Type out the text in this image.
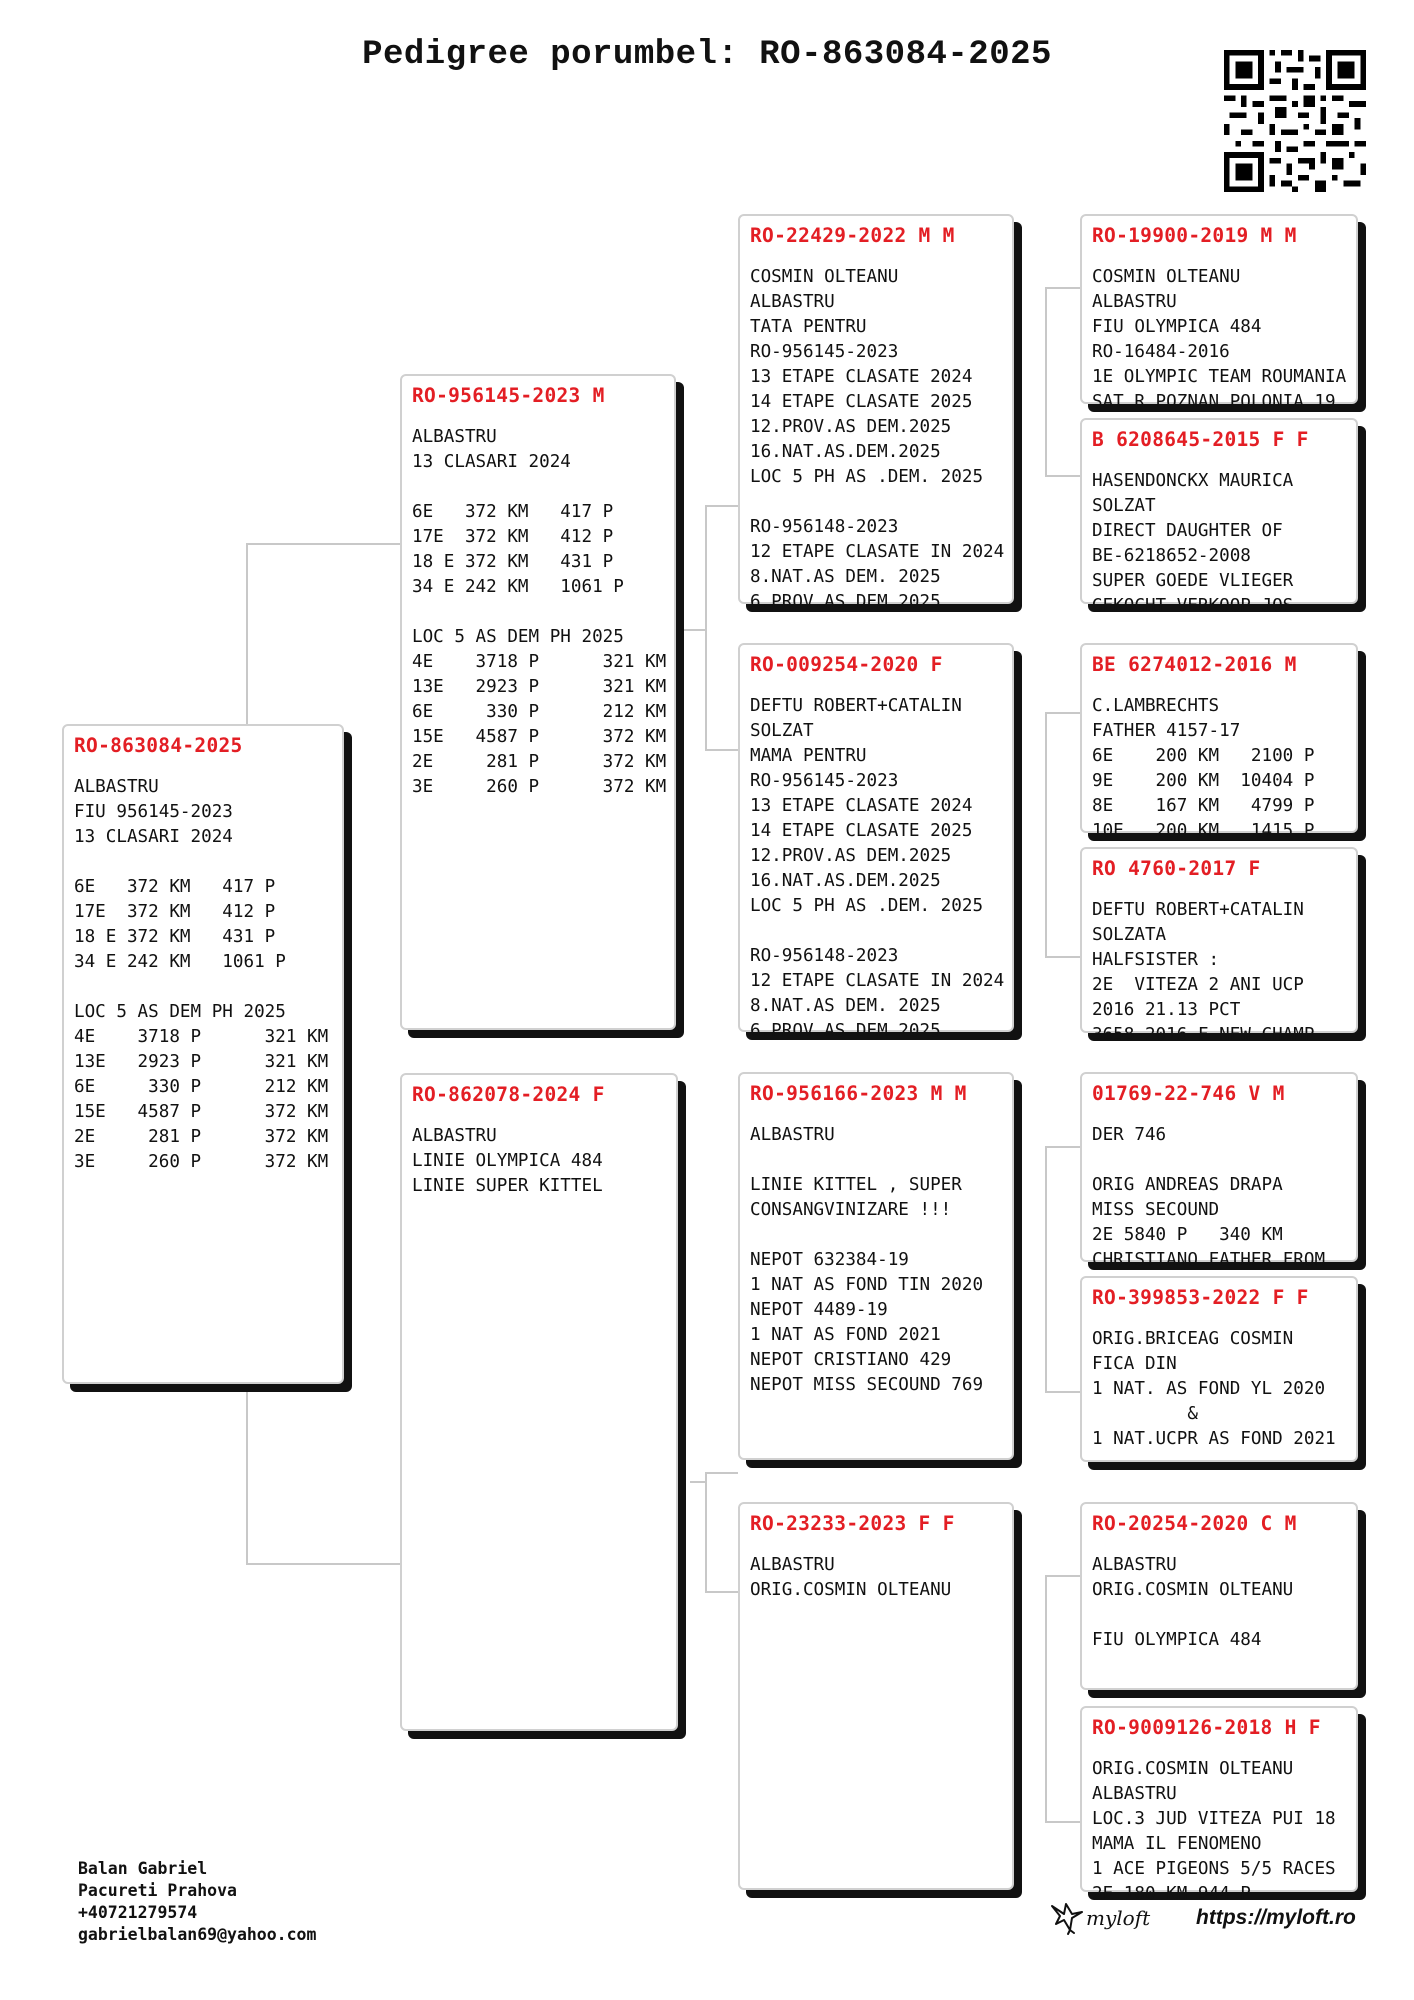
Pedigree porumbel: RO-863084-2025
RO-863084-2025
ALBASTRU
FIU 956145-2023
13 CLASARI 2024

6E   372 KM   417 P
17E  372 KM   412 P
18 E 372 KM   431 P
34 E 242 KM   1061 P

LOC 5 AS DEM PH 2025
4E    3718 P      321 KM
13E   2923 P      321 KM
6E     330 P      212 KM
15E   4587 P      372 KM
2E     281 P      372 KM
3E     260 P      372 KM
RO-956145-2023 M
ALBASTRU
13 CLASARI 2024

6E   372 KM   417 P
17E  372 KM   412 P
18 E 372 KM   431 P
34 E 242 KM   1061 P

LOC 5 AS DEM PH 2025
4E    3718 P      321 KM
13E   2923 P      321 KM
6E     330 P      212 KM
15E   4587 P      372 KM
2E     281 P      372 KM
3E     260 P      372 KM
RO-862078-2024 F
ALBASTRU
LINIE OLYMPICA 484
LINIE SUPER KITTEL
RO-22429-2022 M M
COSMIN OLTEANU
ALBASTRU
TATA PENTRU
RO-956145-2023
13 ETAPE CLASATE 2024
14 ETAPE CLASATE 2025
12.PROV.AS DEM.2025
16.NAT.AS.DEM.2025
LOC 5 PH AS .DEM. 2025

RO-956148-2023
12 ETAPE CLASATE IN 2024
8.NAT.AS DEM. 2025
6.PROV.AS DEM 2025
RO-009254-2020 F
DEFTU ROBERT+CATALIN
SOLZAT
MAMA PENTRU
RO-956145-2023
13 ETAPE CLASATE 2024
14 ETAPE CLASATE 2025
12.PROV.AS DEM.2025
16.NAT.AS.DEM.2025
LOC 5 PH AS .DEM. 2025

RO-956148-2023
12 ETAPE CLASATE IN 2024
8.NAT.AS DEM. 2025
6.PROV.AS DEM 2025
RO-956166-2023 M M
ALBASTRU

LINIE KITTEL , SUPER
CONSANGVINIZARE !!!

NEPOT 632384-19
1 NAT AS FOND TIN 2020
NEPOT 4489-19
1 NAT AS FOND 2021
NEPOT CRISTIANO 429
NEPOT MISS SECOUND 769
RO-23233-2023 F F
ALBASTRU
ORIG.COSMIN OLTEANU
RO-19900-2019 M M
COSMIN OLTEANU
ALBASTRU
FIU OLYMPICA 484
RO-16484-2016
1E OLYMPIC TEAM ROUMANIA
SAT R POZNAN POLONIA 19
B 6208645-2015 F F
HASENDONCKX MAURICA
SOLZAT
DIRECT DAUGHTER OF
BE-6218652-2008
SUPER GOEDE VLIEGER
GEKOCHT VERKOOP JOS
BE 6274012-2016 M
C.LAMBRECHTS
FATHER 4157-17
6E    200 KM   2100 P
9E    200 KM  10404 P
8E    167 KM   4799 P
10E   200 KM   1415 P
RO 4760-2017 F
DEFTU ROBERT+CATALIN
SOLZATA
HALFSISTER :
2E  VITEZA 2 ANI UCP
2016 21.13 PCT
3658-2016 F NEW CHAMP
01769-22-746 V M
DER 746

ORIG ANDREAS DRAPA
MISS SECOUND
2E 5840 P   340 KM
CHRISTIANO FATHER FROM
RO-399853-2022 F F
ORIG.BRICEAG COSMIN
FICA DIN
1 NAT. AS FOND YL 2020
&
1 NAT.UCPR AS FOND 2021
RO-20254-2020 C M
ALBASTRU
ORIG.COSMIN OLTEANU

FIU OLYMPICA 484
RO-9009126-2018 H F
ORIG.COSMIN OLTEANU
ALBASTRU
LOC.3 JUD VITEZA PUI 18
MAMA IL FENOMENO
1 ACE PIGEONS 5/5 RACES
2E 180 KM 944 P
Balan Gabriel
Pacureti Prahova
+40721279574
gabrielbalan69@yahoo.com
myloft https://myloft.ro
